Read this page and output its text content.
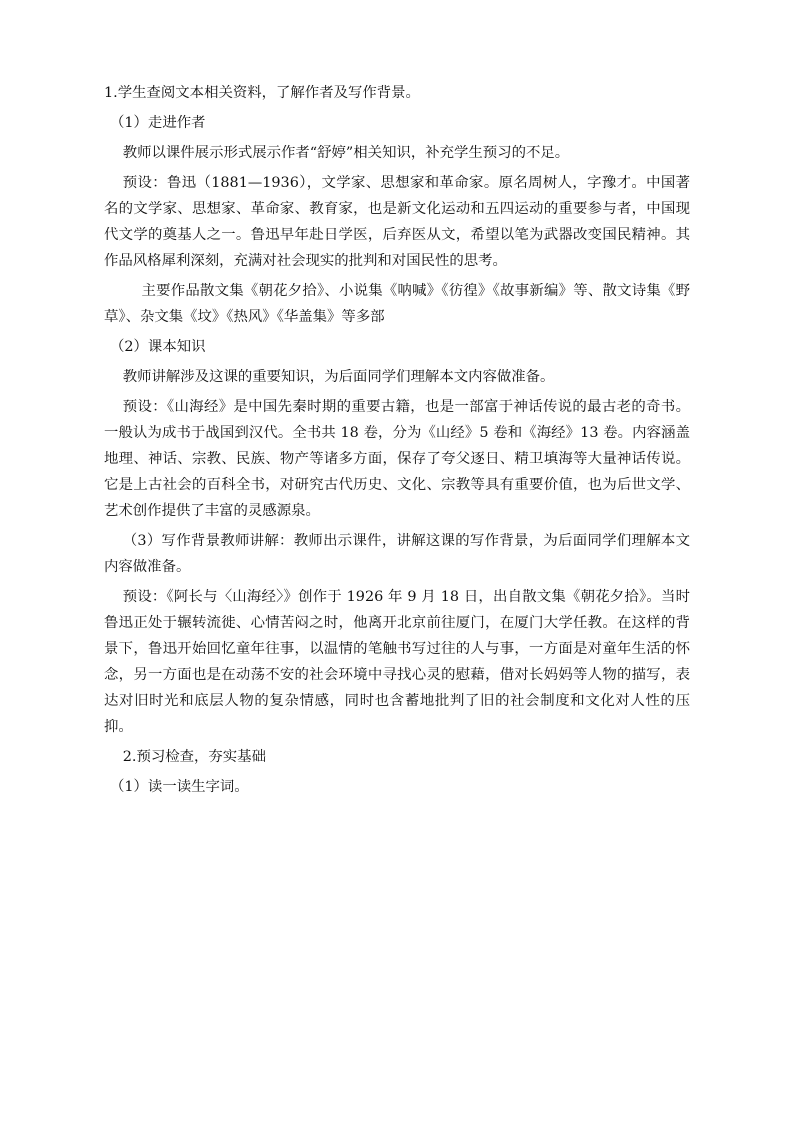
1.学生查阅文本相关资料，了解作者及写作背景。

（1）走进作者

教师以课件展示形式展示作者“舒婷”相关知识，补充学生预习的不足。

预设：鲁迅（1881—1936），文学家、思想家和革命家。原名周树人，字豫才。中国著名的文学家、思想家、革命家、教育家，也是新文化运动和五四运动的重要参与者，中国现代文学的奠基人之一。鲁迅早年赴日学医，后弃医从文，希望以笔为武器改变国民精神。其作品风格犀利深刻，充满对社会现实的批判和对国民性的思考。

主要作品散文集《朝花夕拾》、小说集《呐喊》《彷徨》《故事新编》等、散文诗集《野草》、杂文集《坟》《热风》《华盖集》等多部

（2）课本知识

教师讲解涉及这课的重要知识，为后面同学们理解本文内容做准备。

预设：《山海经》是中国先秦时期的重要古籍，也是一部富于神话传说的最古老的奇书。一般认为成书于战国到汉代。全书共 18 卷，分为《山经》5 卷和《海经》13 卷。内容涵盖地理、神话、宗教、民族、物产等诸多方面，保存了夸父逐日、精卫填海等大量神话传说。它是上古社会的百科全书，对研究古代历史、文化、宗教等具有重要价值，也为后世文学、艺术创作提供了丰富的灵感源泉。

（3）写作背景教师讲解：教师出示课件，讲解这课的写作背景，为后面同学们理解本文内容做准备。

预设：《阿长与〈山海经〉》创作于 1926 年 9 月 18 日，出自散文集《朝花夕拾》。当时鲁迅正处于辗转流徙、心情苦闷之时，他离开北京前往厦门，在厦门大学任教。在这样的背景下，鲁迅开始回忆童年往事，以温情的笔触书写过往的人与事，一方面是对童年生活的怀念，另一方面也是在动荡不安的社会环境中寻找心灵的慰藉，借对长妈妈等人物的描写，表达对旧时光和底层人物的复杂情感，同时也含蓄地批判了旧的社会制度和文化对人性的压抑。

2.预习检查，夯实基础

（1）读一读生字词。
